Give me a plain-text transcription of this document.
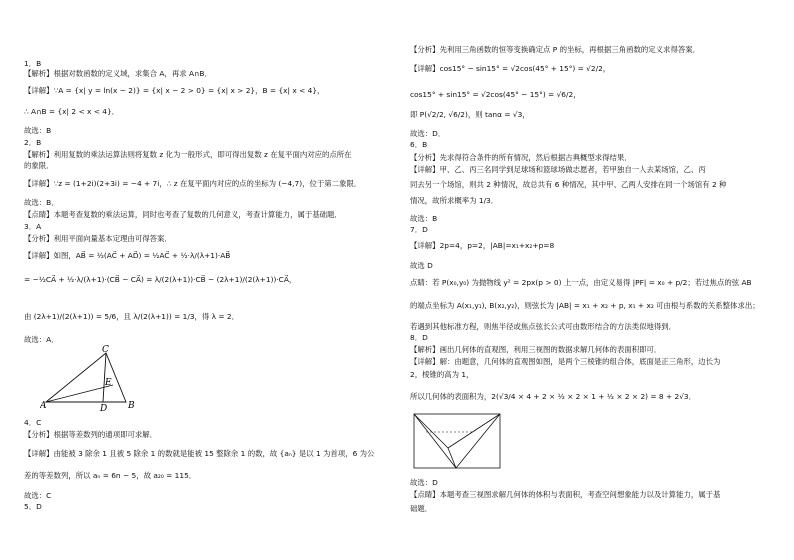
1．B
【解析】根据对数函数的定义域，求集合 A，再求 A∩B．
【详解】∵A = {x| y = ln(x − 2)} = {x| x − 2 > 0} = {x| x > 2}，B = {x| x < 4}，
∴ A∩B = {x| 2 < x < 4}．
故选：B
2．B
【解析】利用复数的乘法运算法则将复数 z 化为一般形式，即可得出复数 z 在复平面内对应的点所在
的象限．
【详解】∵z = (1+2i)(2+3i) = −4 + 7i，∴ z 在复平面内对应的点的坐标为 (−4,7)，位于第二象限．
故选：B．
【点睛】本题考查复数的乘法运算，同时也考查了复数的几何意义，考查计算能力，属于基础题．
3．A
【分析】利用平面向量基本定理由可得答案．
【详解】如图，AB⃗ = ½(AC⃗ + AD⃗) = ½AC⃗ + ½·λ/(λ+1)·AB⃗
= −½CA⃗ + ½·λ/(λ+1)·(CB⃗ − CA⃗) = λ/(2(λ+1))·CB⃗ − (2λ+1)/(2(λ+1))·CA⃗，
由 (2λ+1)/(2(λ+1)) = 5/6，且 λ/(2(λ+1)) = 1/3，得 λ = 2．
故选：A．
4．C
【分析】根据等差数列的通项即可求解．
【详解】由能被 3 除余 1 且被 5 除余 1 的数就是能被 15 整除余 1 的数，故 {aₙ} 是以 1 为首项，6 为公
差的等差数列，所以 aₙ = 6n − 5，故 a₂₀ = 115．
故选：C
5．D
【分析】先利用三角函数的恒等变换确定点 P 的坐标，再根据三角函数的定义求得答案．
【详解】cos15° − sin15° = √2cos(45° + 15°) = √2/2，
cos15° + sin15° = √2cos(45° − 15°) = √6/2，
即 P(√2/2, √6/2)，则 tanα = √3，
故选：D．
6．B
【分析】先求得符合条件的所有情况，然后根据古典概型求得结果．
【详解】甲、乙、丙三名同学到足球场和篮球场做志愿者，若甲独自一人去某场馆，乙、丙
同去另一个场馆，则共 2 种情况，故总共有 6 种情况，其中甲、乙两人安排在同一个场馆有 2 种
情况，故所求概率为 1/3．
故选：B
7．D
【详解】2p=4，p=2，|AB|=x₁+x₂+p=8
故选 D
点睛：若 P(x₀,y₀) 为抛物线 y² = 2px(p > 0) 上一点，由定义易得 |PF| = x₀ + p/2；若过焦点的弦 AB
的端点坐标为 A(x₁,y₁), B(x₂,y₂)，则弦长为 |AB| = x₁ + x₂ + p, x₁ + x₂ 可由根与系数的关系整体求出；
若遇到其他标准方程，则焦半径或焦点弦长公式可由数形结合的方法类似地得到．
8．D
【解析】画出几何体的直观图，利用三视图的数据求解几何体的表面积即可．
【详解】解：由题意，几何体的直观图如图，是两个三棱锥的组合体，底面是正三角形，边长为
2，棱锥的高为 1，
所以几何体的表面积为，2(√3/4 × 4 + 2 × ½ × 2 × 1 + ½ × 2 × 2) = 8 + 2√3．
故选：D
【点睛】本题考查三视图求解几何体的体积与表面积，考查空间想象能力以及计算能力，属于基
础题．
C
E
A	D B
